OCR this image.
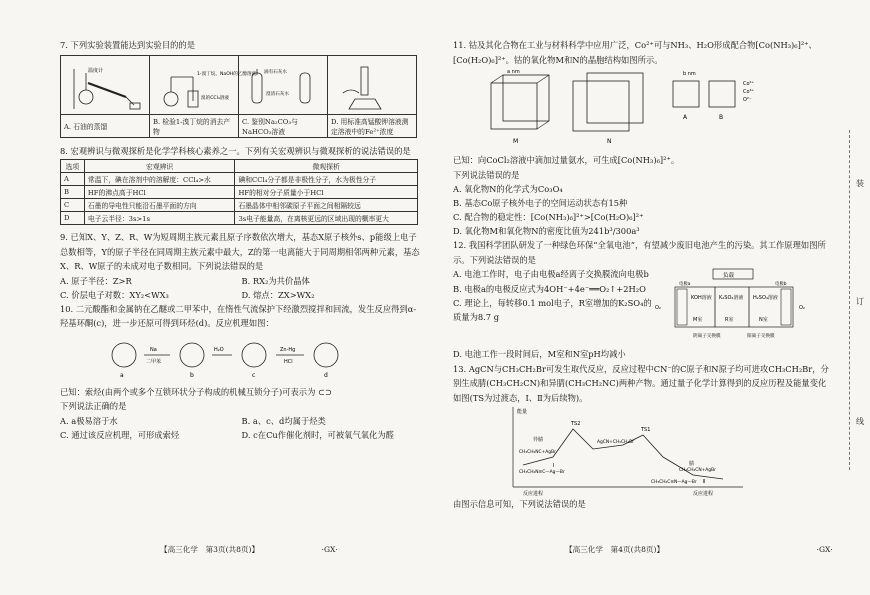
7. 下列实验装置能达到实验目的的是

温度计	1-溴丁烷、NaOH的乙醇溶液
溴的CCl₄溶液	滴有石灰水
澄清石灰水

A. 石油的蒸馏	B. 检验1-溴丁烷的消去产物	C. 鉴别Na₂CO₃与NaHCO₃溶液	D. 用标准高锰酸钾溶液测定溶液中的Fe²⁺浓度

8. 宏观辨识与微观探析是化学学科核心素养之一。下列有关宏观辨识与微观探析的说法错误的是

选项	宏观辨识	微观探析
A	常温下，碘在溶剂中的溶解度：CCl₄>水	碘和CCl₄分子都是非极性分子，水为极性分子
B	HF的沸点高于HCl	HF的相对分子质量小于HCl
C	石墨的导电性只能沿石墨平面的方向	石墨晶体中相邻碳原子平面之间相隔较远
D	电子云半径：3s>1s	3s电子能量高，在离核更远的区域出现的概率更大

9. 已知X、Y、Z、R、W为短周期主族元素且原子序数依次增大，基态X原子核外s、p能级上电子总数相等，Y的原子半径在同周期主族元素中最大，Z的第一电离能大于同周期相邻两种元素，基态X、R、W原子的未成对电子数相同。下列说法错误的是

A. 原子半径：Z>R	B. RX₂为共价晶体
C. 价层电子对数：XY₂<WX₃	D. 熔点：ZX>WX₂

10. 二元酸酯和金属钠在乙醚或二甲苯中，在惰性气流保护下经激烈搅拌和回流，发生反应得到α-羟基环酮(c)，进一步还原可得到环烃(d)。反应机理如图：

a
Na
二甲苯
b
H₂O
c
Zn-Hg
HCl
d

已知：索烃(由两个或多个互锁环状分子构成的机械互锁分子)可表示为 ⊂⊃

下列说法正确的是

A. a极易溶于水	B. a、c、d均属于烃类
C. 通过该反应机理，可形成索烃	D. c在Cu作催化剂时，可被氧气氧化为醛
【高三化学　第3页(共8页)】	·GX·

11. 钴及其化合物在工业与材料科学中应用广泛，Co²⁺可与NH₃、H₂O形成配合物[Co(NH₃)₆]²⁺、[Co(H₂O)₆]²⁺。钴的氧化物M和N的晶胞结构如图所示。

a nm
M	N
b nm
A	B
Co²⁺
Co³⁺
O²⁻

已知：向CoCl₂溶液中滴加过量氨水，可生成[Co(NH₃)₆]²⁺。

下列说法错误的是

A. 氧化物N的化学式为Co₃O₄
B. 基态Co原子核外电子的空间运动状态有15种
C. 配合物的稳定性：[Co(NH₃)₆]²⁺>[Co(H₂O)₆]²⁺
D. 氧化物M和氧化物N的密度比值为241b³/300a³

12. 我国科学团队研发了一种绿色环保“全氧电池”，有望减少废旧电池产生的污染。其工作原理如图所示。下列说法错误的是

A. 电池工作时，电子由电极a经离子交换膜流向电极b
B. 电极a的电极反应式为4OH⁻+4e⁻══O₂↑+2H₂O
C. 理论上，每转移0.1 mol电子，R室增加的K₂SO₄的质量为8.7 g
负载
KOH溶液 K₂SO₄溶液 H₂SO₄溶液
M室	R室	N室
O₂	O₂
电极a	电极b
阴离子交换膜	阳离子交换膜
D. 电池工作一段时间后，M室和N室pH均减小

13. AgCN与CH₃CH₂Br可发生取代反应，反应过程中CN⁻的C原子和N原子均可进攻CH₃CH₂Br，分别生成腈(CH₃CH₂CN)和异腈(CH₃CH₂NC)两种产物。通过量子化学计算得到的反应历程及能量变化如图(TS为过渡态，Ⅰ、Ⅱ为后续物)。

能量
TS2
TS1
异腈
腈
CH₃CH₂NC+AgBr
CH₃CH₂CN+AgBr
AgCN+CH₃CH₂Br
CH₃CH₂N≡C—Ag—Br
CH₃CH₂C≡N—Ag—Br
Ⅰ
Ⅱ
反应进程	反应进程

由图示信息可知，下列说法错误的是

【高三化学　第4页(共8页)】	·GX·
装
订
线
